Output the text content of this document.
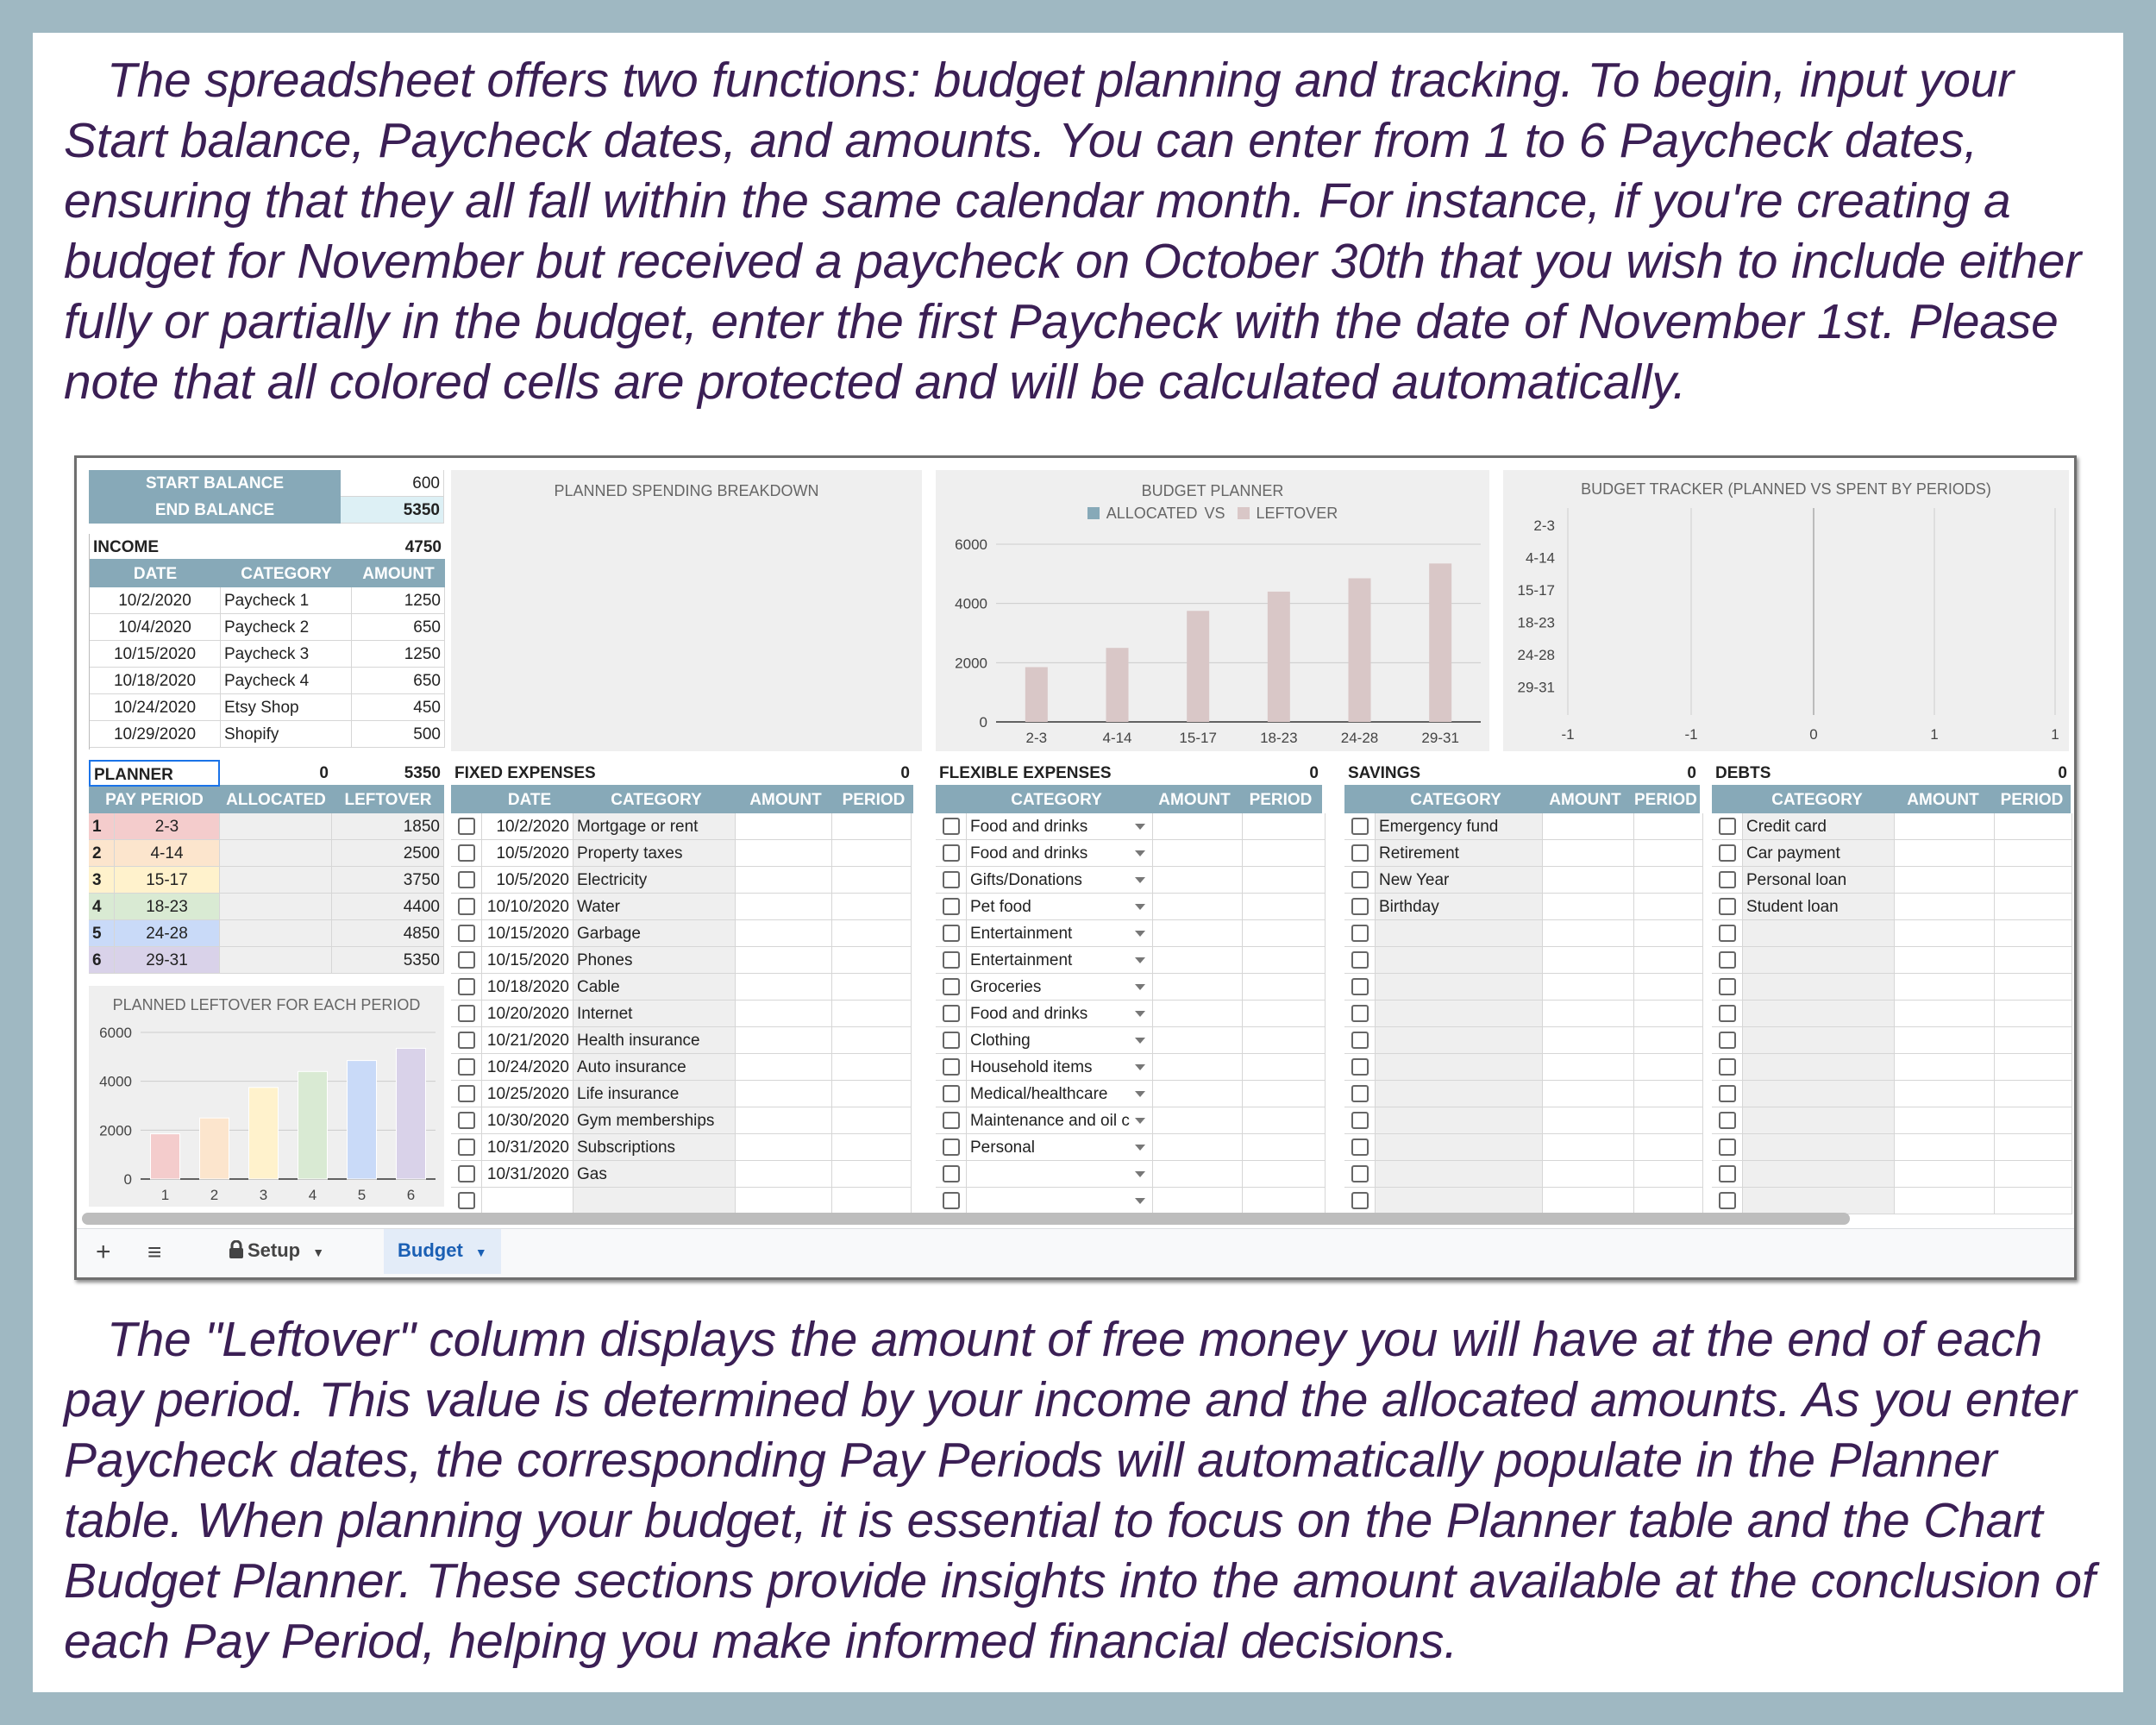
The spreadsheet offers two functions: budget planning and tracking. To begin, input your Start balance, Paycheck dates, and amounts. You can enter from 1 to 6 Paycheck dates, ensuring that they all fall within the same calendar month. For instance, if you're creating a budget for November but received a paycheck on October 30th that you wish to include either fully or partially in the budget, enter the first Paycheck with the date of November 1st. Please note that all colored cells are protected and will be calculated automatically.

START BALANCE	600
END BALANCE	5350
INCOME	4750
DATE	CATEGORY	AMOUNT
10/2/2020	Paycheck 1	1250
10/4/2020	Paycheck 2	650
10/15/2020	Paycheck 3	1250
10/18/2020	Paycheck 4	650
10/24/2020	Etsy Shop	450
10/29/2020	Shopify	500
PLANNER	0	5350
PAY PERIOD	ALLOCATED	LEFTOVER
1	2-3	1850
2	4-14	2500
3	15-17	3750
4	18-23	4400
5	24-28	4850
6	29-31	5350
PLANNED LEFTOVER FOR EACH PERIOD
6000
4000
2000
0
1	2	3	4	5	6
PLANNED SPENDING BREAKDOWN	BUDGET PLANNER
ALLOCATED VS LEFTOVER
6000
4000
2000
0
2-3	4-14	15-17	18-23	24-28	29-31
BUDGET TRACKER (PLANNED VS SPENT BY PERIODS)
-1	-1	0	1	1
2-3
4-14
15-17
18-23
24-28
29-31
FIXED EXPENSES	0
DATE	CATEGORY	AMOUNT	PERIOD
10/2/2020 Mortgage or rent
10/5/2020 Property taxes
10/5/2020 Electricity
10/10/2020 Water
10/15/2020 Garbage
10/15/2020 Phones
10/18/2020 Cable
10/20/2020 Internet
10/21/2020 Health insurance
10/24/2020 Auto insurance
10/25/2020 Life insurance
10/30/2020 Gym memberships
10/31/2020 Subscriptions
10/31/2020 Gas
FLEXIBLE EXPENSES	0
CATEGORY	AMOUNT	PERIOD
Food and drinks
Food and drinks
Gifts/Donations
Pet food
Entertainment
Entertainment
Groceries
Food and drinks
Clothing
Household items
Medical/healthcare
Maintenance and oil c
Personal
SAVINGS	0
CATEGORY	AMOUNT PERIOD
Emergency fund
Retirement
New Year
Birthday
DEBTS	0
CATEGORY	AMOUNT	PERIOD
Credit card
Car payment
Personal loan
Student loan
+ ≡	Setup ▼	Budget ▼

The "Leftover" column displays the amount of free money you will have at the end of each pay period. This value is determined by your income and the allocated amounts. As you enter Paycheck dates, the corresponding Pay Periods will automatically populate in the Planner table. When planning your budget, it is essential to focus on the Planner table and the Chart Budget Planner. These sections provide insights into the amount available at the conclusion of each Pay Period, helping you make informed financial decisions.
